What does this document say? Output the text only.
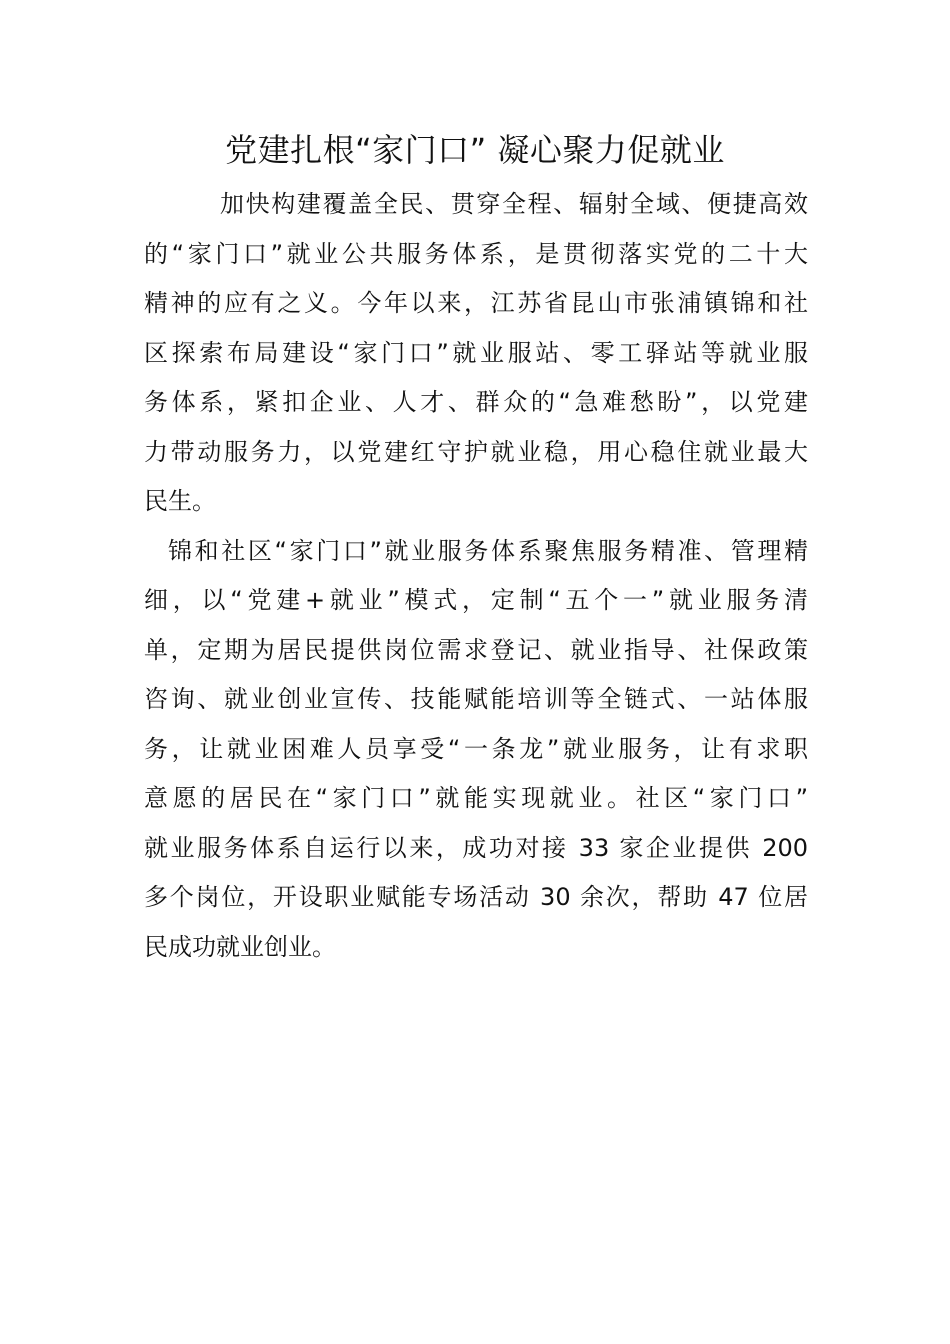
党建扎根“家门口” 凝心聚力促就业
加快构建覆盖全民、贯穿全程、辐射全域、便捷高效
的“家门口”就业公共服务体系，是贯彻落实党的二十大
精神的应有之义。今年以来，江苏省昆山市张浦镇锦和社
区探索布局建设“家门口”就业服站、零工驿站等就业服
务体系，紧扣企业、人才、群众的“急难愁盼”，以党建
力带动服务力，以党建红守护就业稳，用心稳住就业最大
民生。
锦和社区“家门口”就业服务体系聚焦服务精准、管理精
细，以“党建+就业”模式，定制“五个一”就业服务清
单，定期为居民提供岗位需求登记、就业指导、社保政策
咨询、就业创业宣传、技能赋能培训等全链式、一站体服
务，让就业困难人员享受“一条龙”就业服务，让有求职
意愿的居民在“家门口”就能实现就业。社区“家门口”
就业服务体系自运行以来，成功对接 33 家企业提供 200
多个岗位，开设职业赋能专场活动 30 余次，帮助 47 位居
民成功就业创业。
